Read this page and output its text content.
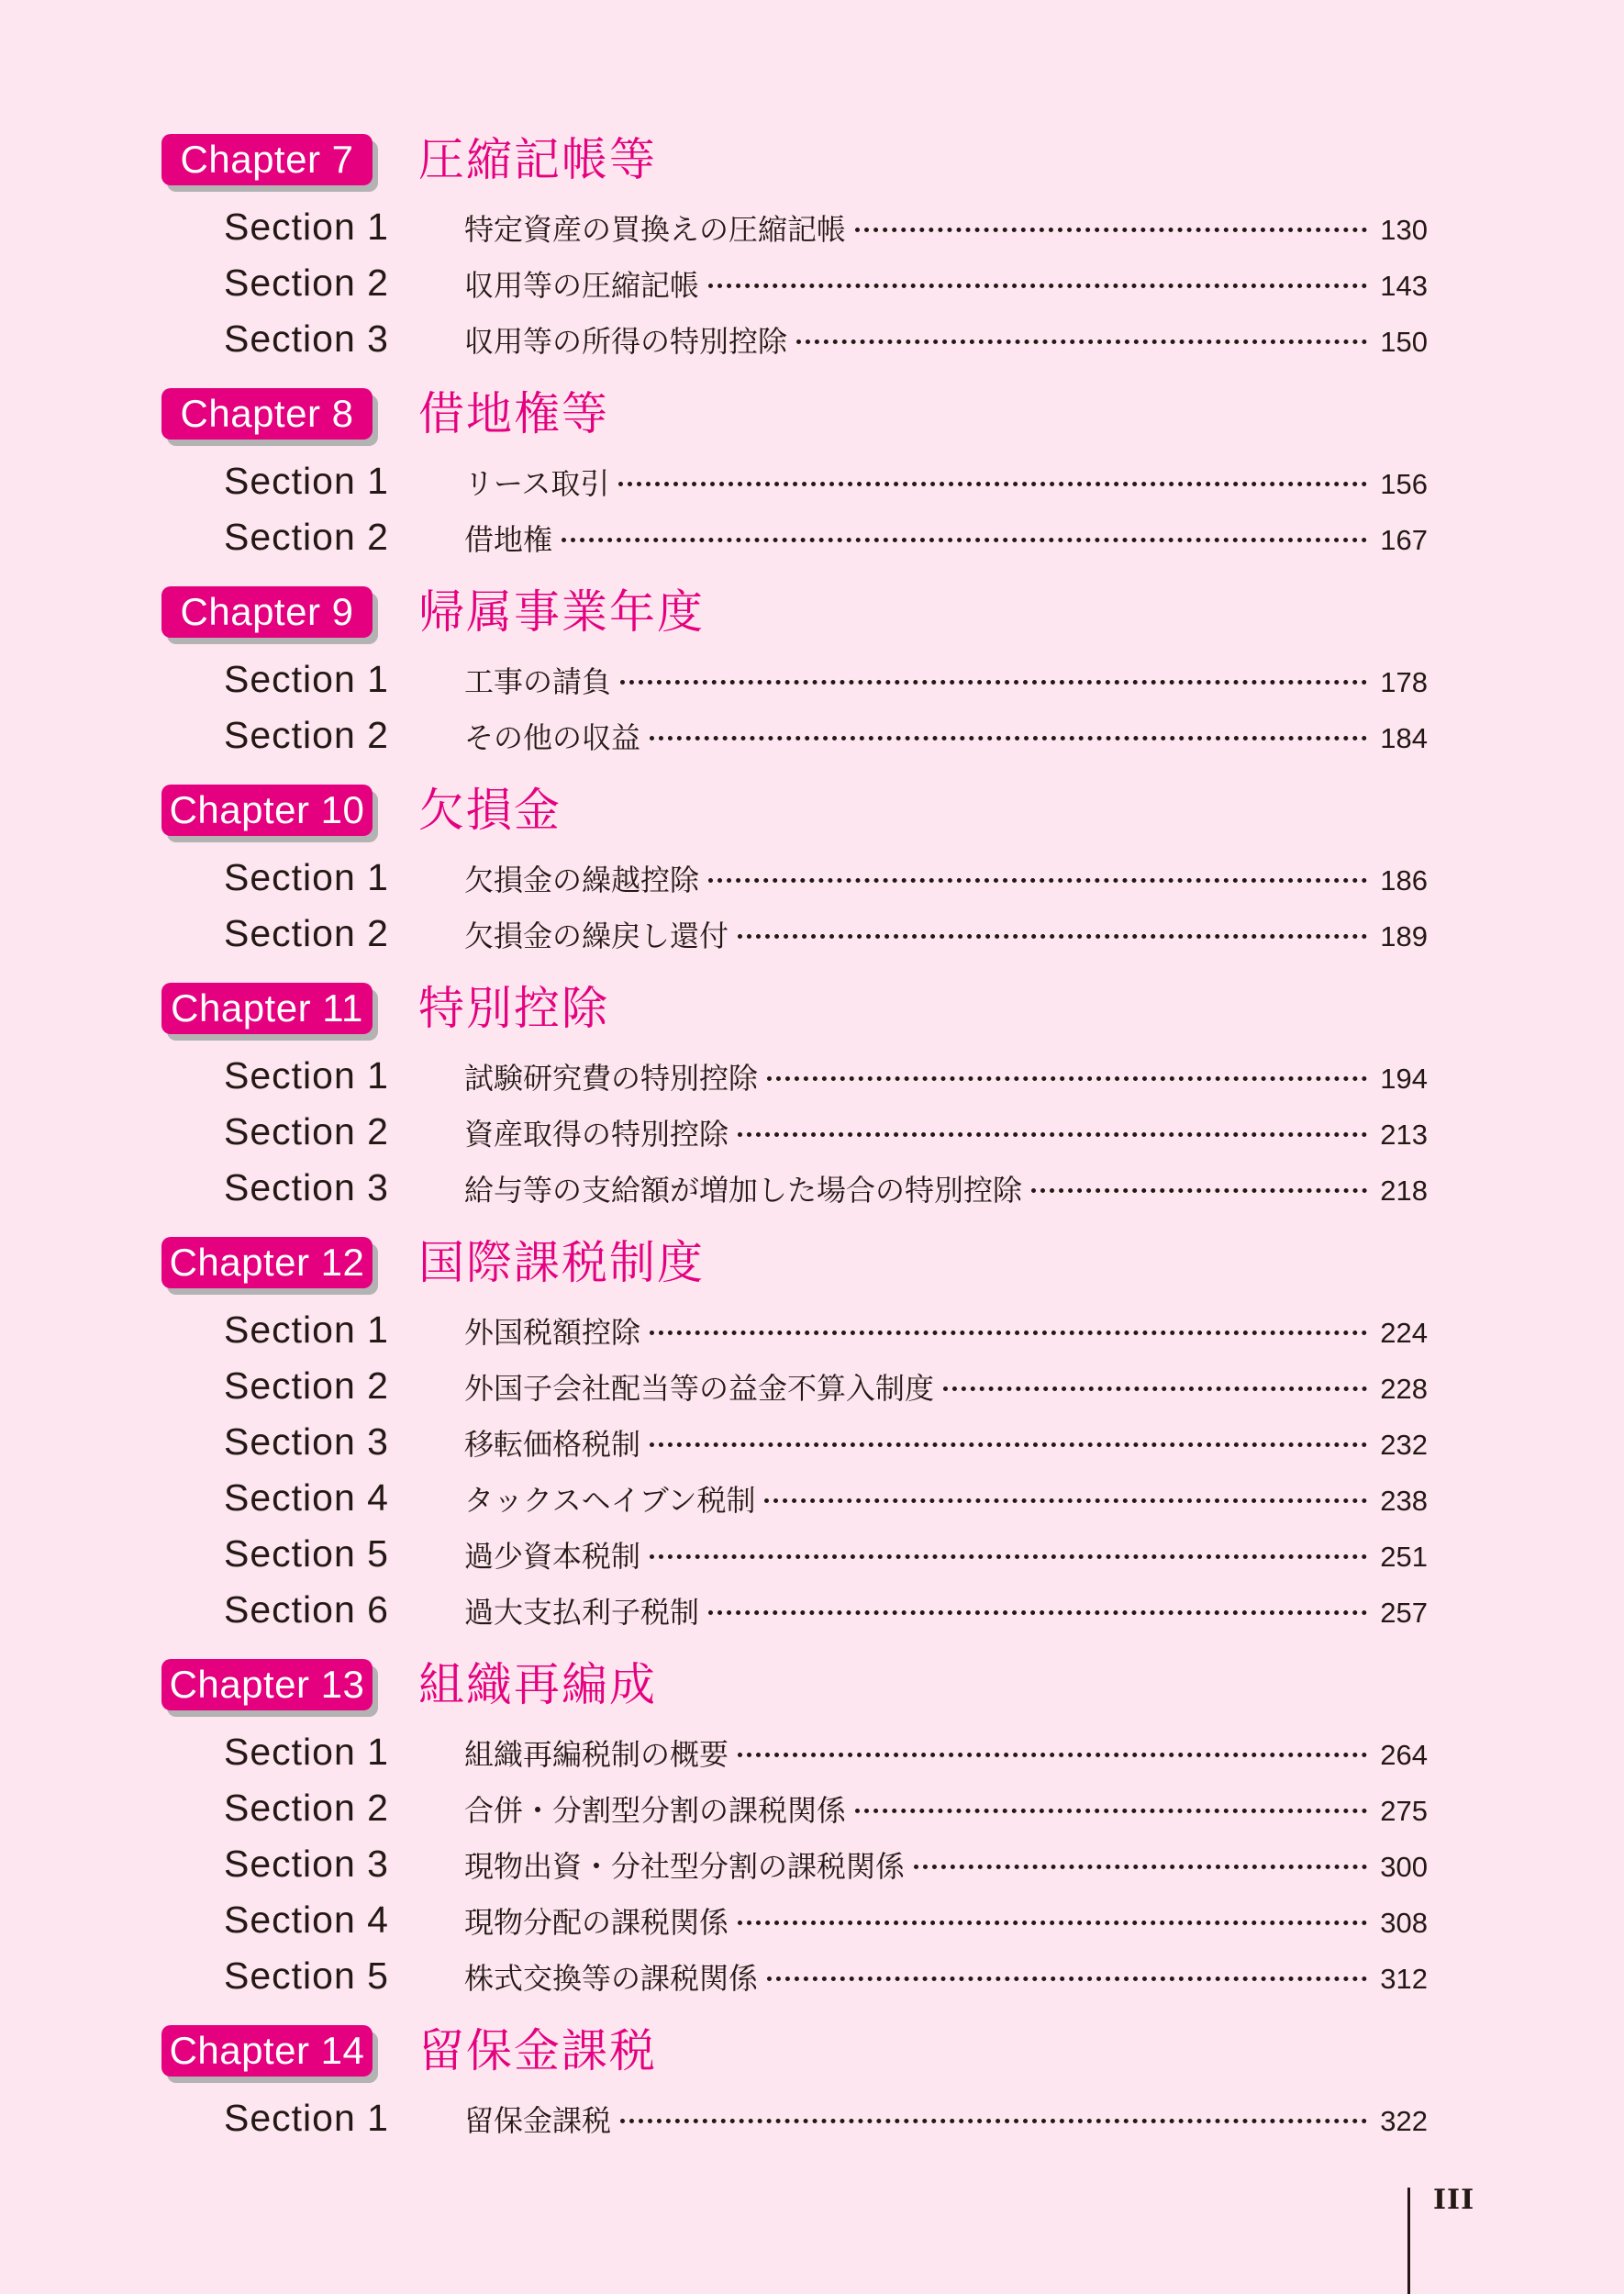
Chapter 7	圧縮記帳等
Section 1	特定資産の買換えの圧縮記帳	130
Section 2	収用等の圧縮記帳	143
Section 3	収用等の所得の特別控除	150
Chapter 8	借地権等
Section 1	リース取引	156
Section 2	借地権	167
Chapter 9	帰属事業年度
Section 1	工事の請負	178
Section 2	その他の収益	184
Chapter 10 欠損金
Section 1	欠損金の繰越控除	186
Section 2	欠損金の繰戻し還付	189
Chapter 11 特別控除
Section 1	試験研究費の特別控除	194
Section 2	資産取得の特別控除	213
Section 3	給与等の支給額が増加した場合の特別控除	218
Chapter 12 国際課税制度
Section 1	外国税額控除	224
Section 2	外国子会社配当等の益金不算入制度	228
Section 3	移転価格税制	232
Section 4	タックスヘイブン税制	238
Section 5	過少資本税制	251
Section 6	過大支払利子税制	257
Chapter 13 組織再編成
Section 1	組織再編税制の概要	264
Section 2	合併・分割型分割の課税関係	275
Section 3	現物出資・分社型分割の課税関係	300
Section 4	現物分配の課税関係	308
Section 5	株式交換等の課税関係	312
Chapter 14 留保金課税
Section 1	留保金課税	322
III
